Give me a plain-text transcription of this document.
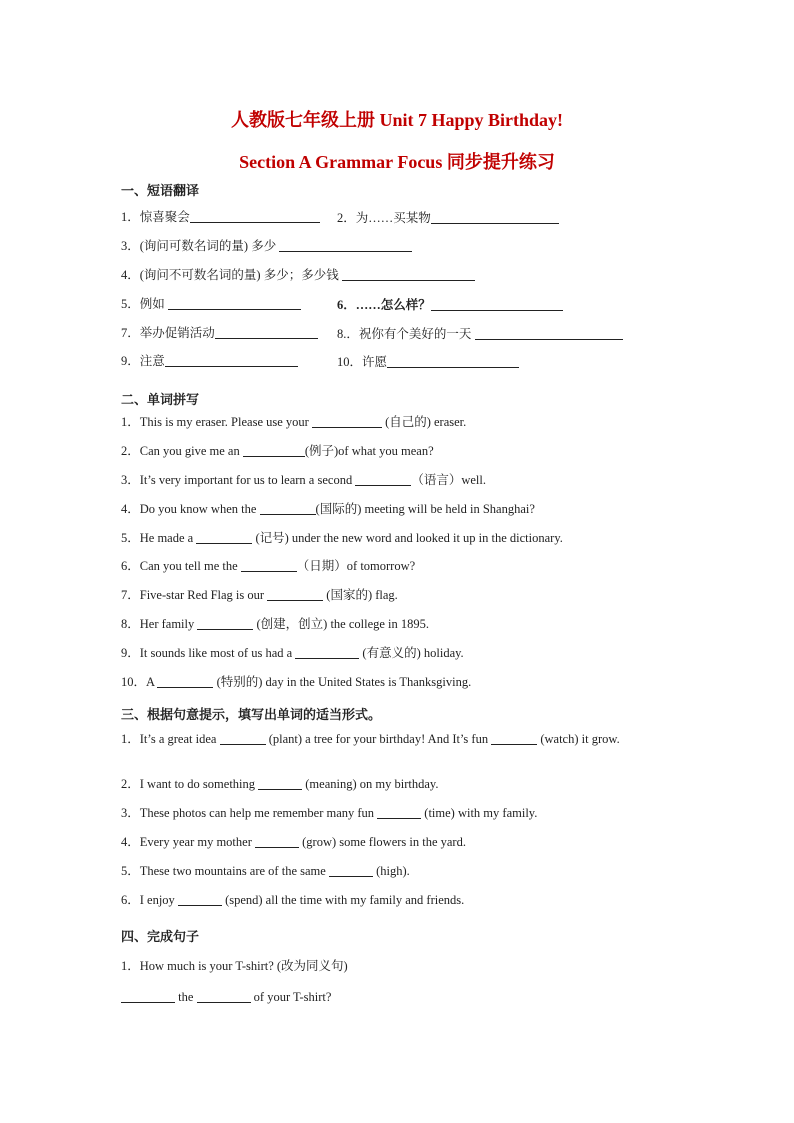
人教版七年级上册 Unit 7 Happy Birthday!
Section A Grammar Focus 同步提升练习
一、短语翻译
1．惊喜聚会	2．为……买某物
3．(询问可数名词的量) 多少
4．(询问不可数名词的量) 多少；多少钱
5．例如	6．……怎么样？
7．举办促销活动	8.．祝你有个美好的一天
9．注意	10．许愿
二、单词拼写
1．This is my eraser. Please use your	(自己的) eraser.
2．Can you give me an	(例子)of what you mean?
3．It’s very important for us to learn a second	（语言）well.
4．Do you know when the	(国际的) meeting will be held in Shanghai?
5．He made a	(记号) under the new word and looked it up in the dictionary.
6．Can you tell me the	（日期）of tomorrow?
7．Five-star Red Flag is our	(国家的) flag.
8．Her family	(创建，创立) the college in 1895.
9．It sounds like most of us had a	(有意义的) holiday.
10．A	(特别的) day in the United States is Thanksgiving.
三、根据句意提示，填写出单词的适当形式。
1．It’s a great idea	(plant) a tree for your birthday! And It’s fun	(watch) it grow.
2．I want to do something	(meaning) on my birthday.
3．These photos can help me remember many fun	(time) with my family.
4．Every year my mother	(grow) some flowers in the yard.
5．These two mountains are of the same	(high).
6．I enjoy	(spend) all the time with my family and friends.
四、完成句子
1．How much is your T-shirt? (改为同义句)
the	of your T-shirt?
